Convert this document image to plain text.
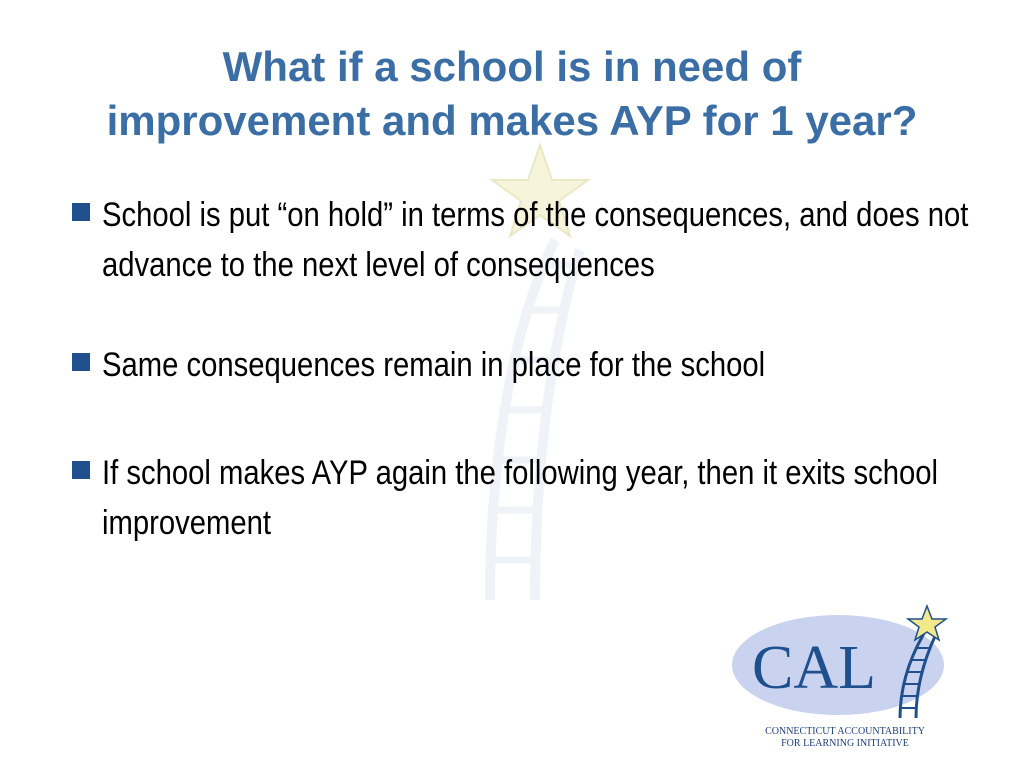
What if a school is in need of
improvement and makes AYP for 1 year?
School is put “on hold” in terms of the consequences, and does not advance to the next level of consequences
Same consequences remain in place for the school
If school makes AYP again the following year, then it exits school improvement
CAL
CONNECTICUT ACCOUNTABILITY
FOR LEARNING INITIATIVE
